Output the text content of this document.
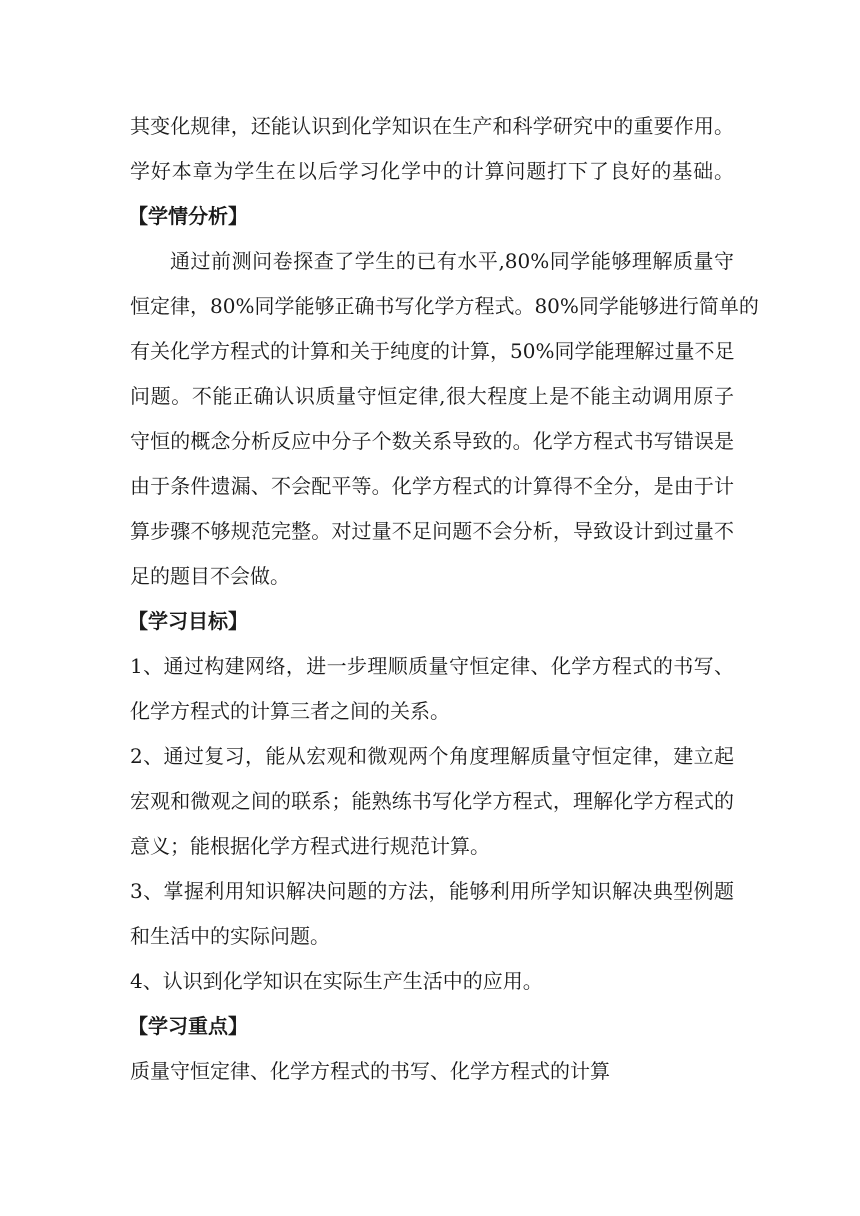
其变化规律，还能认识到化学知识在生产和科学研究中的重要作用。
学好本章为学生在以后学习化学中的计算问题打下了良好的基础。
【学情分析】
通过前测问卷探查了学生的已有水平,80%同学能够理解质量守
恒定律，80%同学能够正确书写化学方程式。80%同学能够进行简单的
有关化学方程式的计算和关于纯度的计算，50%同学能理解过量不足
问题。不能正确认识质量守恒定律,很大程度上是不能主动调用原子
守恒的概念分析反应中分子个数关系导致的。化学方程式书写错误是
由于条件遗漏、不会配平等。化学方程式的计算得不全分，是由于计
算步骤不够规范完整。对过量不足问题不会分析，导致设计到过量不
足的题目不会做。
【学习目标】
1、通过构建网络，进一步理顺质量守恒定律、化学方程式的书写、
化学方程式的计算三者之间的关系。
2、通过复习，能从宏观和微观两个角度理解质量守恒定律，建立起
宏观和微观之间的联系；能熟练书写化学方程式，理解化学方程式的
意义；能根据化学方程式进行规范计算。
3、掌握利用知识解决问题的方法，能够利用所学知识解决典型例题
和生活中的实际问题。
4、认识到化学知识在实际生产生活中的应用。
【学习重点】
质量守恒定律、化学方程式的书写、化学方程式的计算
